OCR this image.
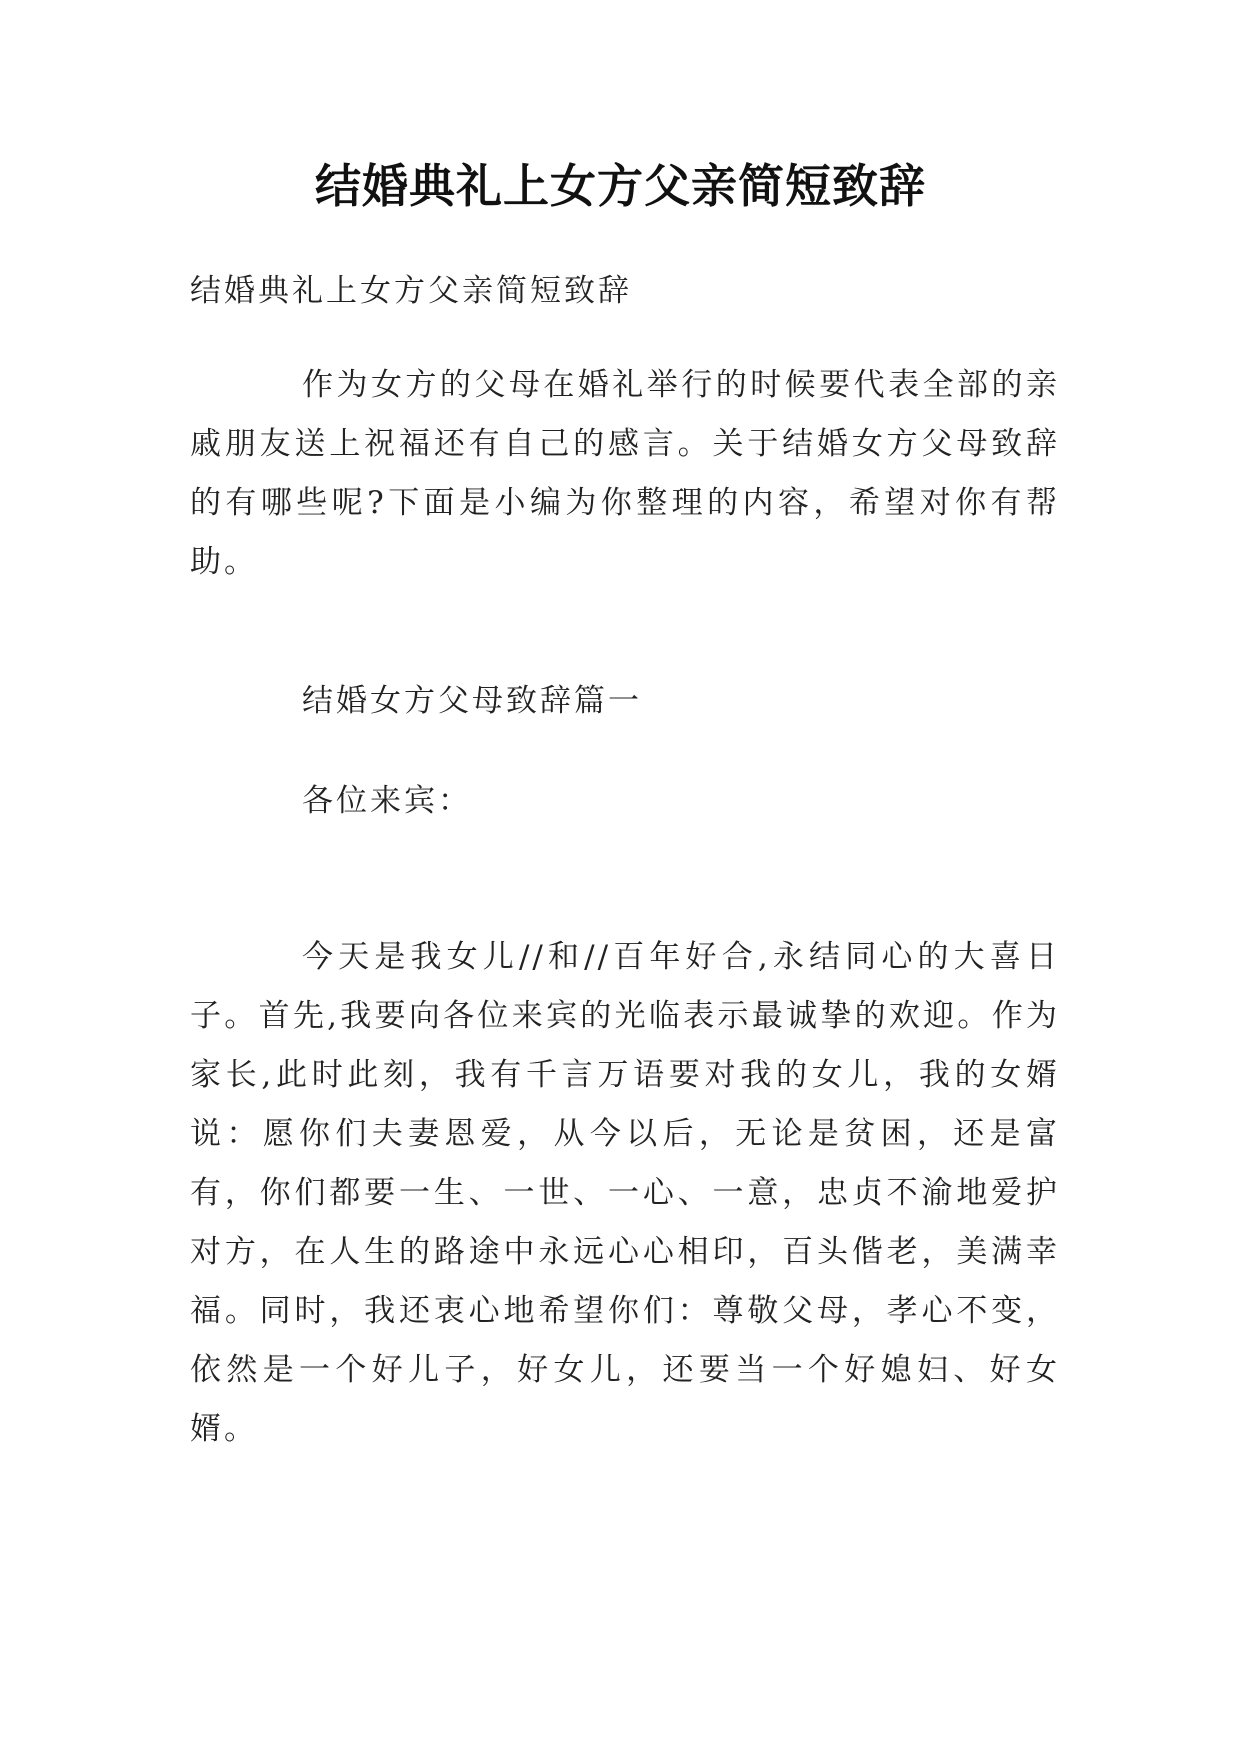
结婚典礼上女方父亲简短致辞
结婚典礼上女方父亲简短致辞
作为女方的父母在婚礼举行的时候要代表全部的亲戚朋友送上祝福还有自己的感言。关于结婚女方父母致辞的有哪些呢?下面是小编为你整理的内容，希望对你有帮助。
结婚女方父母致辞篇一
各位来宾：
今天是我女儿//和//百年好合,永结同心的大喜日子。首先,我要向各位来宾的光临表示最诚挚的欢迎。作为家长,此时此刻，我有千言万语要对我的女儿，我的女婿说：愿你们夫妻恩爱，从今以后，无论是贫困，还是富有，你们都要一生、一世、一心、一意，忠贞不渝地爱护对方，在人生的路途中永远心心相印，百头偕老，美满幸福。同时，我还衷心地希望你们：尊敬父母，孝心不变，依然是一个好儿子，好女儿，还要当一个好媳妇、好女婿。
